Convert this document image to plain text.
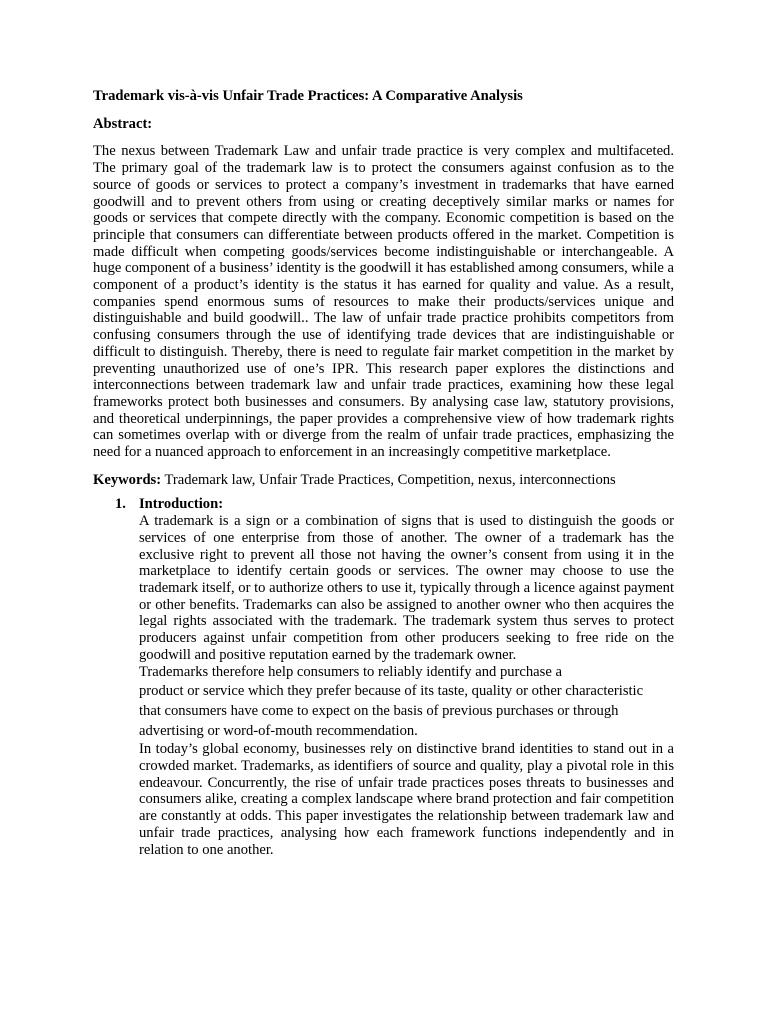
Trademark vis-à-vis Unfair Trade Practices: A Comparative Analysis

Abstract:

The nexus between Trademark Law and unfair trade practice is very complex and multifaceted. The primary goal of the trademark law is to protect the consumers against confusion as to the source of goods or services to protect a company’s investment in trademarks that have earned goodwill and to prevent others from using or creating deceptively similar marks or names for goods or services that compete directly with the company. Economic competition is based on the principle that consumers can differentiate between products offered in the market. Competition is made difficult when competing goods/services become indistinguishable or interchangeable. A huge component of a business’ identity is the goodwill it has established among consumers, while a component of a product’s identity is the status it has earned for quality and value. As a result, companies spend enormous sums of resources to make their products/services unique and distinguishable and build goodwill.. The law of unfair trade practice prohibits competitors from confusing consumers through the use of identifying trade devices that are indistinguishable or difficult to distinguish. Thereby, there is need to regulate fair market competition in the market by preventing unauthorized use of one’s IPR. This research paper explores the distinctions and interconnections between trademark law and unfair trade practices, examining how these legal frameworks protect both businesses and consumers. By analysing case law, statutory provisions, and theoretical underpinnings, the paper provides a comprehensive view of how trademark rights can sometimes overlap with or diverge from the realm of unfair trade practices, emphasizing the need for a nuanced approach to enforcement in an increasingly competitive marketplace.

Keywords: Trademark law, Unfair Trade Practices, Competition, nexus, interconnections

1. Introduction:

A trademark is a sign or a combination of signs that is used to distinguish the goods or services of one enterprise from those of another. The owner of a trademark has the exclusive right to prevent all those not having the owner’s consent from using it in the marketplace to identify certain goods or services. The owner may choose to use the trademark itself, or to authorize others to use it, typically through a licence against payment or other benefits. Trademarks can also be assigned to another owner who then acquires the legal rights associated with the trademark. The trademark system thus serves to protect producers against unfair competition from other producers seeking to free ride on the goodwill and positive reputation earned by the trademark owner.

Trademarks therefore help consumers to reliably identify and purchase a
product or service which they prefer because of its taste, quality or other characteristic
that consumers have come to expect on the basis of previous purchases or through
advertising or word-of-mouth recommendation.

In today’s global economy, businesses rely on distinctive brand identities to stand out in a crowded market. Trademarks, as identifiers of source and quality, play a pivotal role in this endeavour. Concurrently, the rise of unfair trade practices poses threats to businesses and consumers alike, creating a complex landscape where brand protection and fair competition are constantly at odds. This paper investigates the relationship between trademark law and unfair trade practices, analysing how each framework functions independently and in relation to one another.
